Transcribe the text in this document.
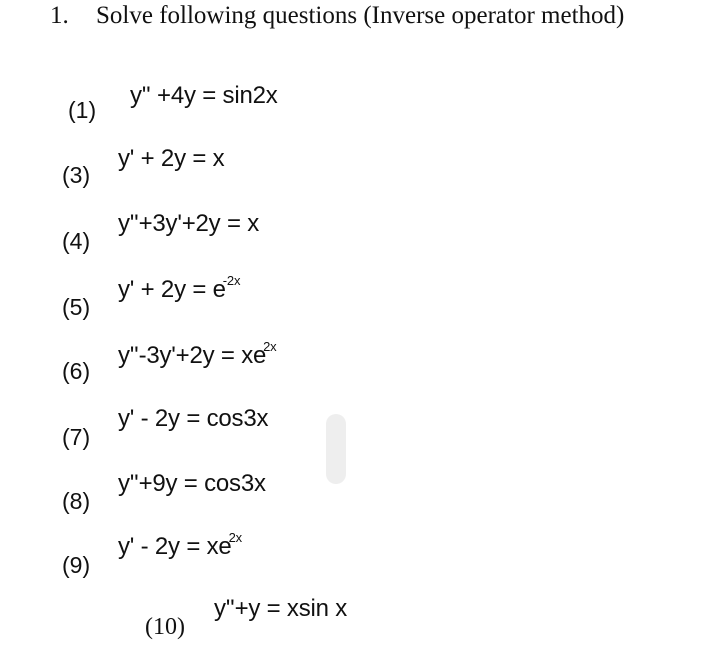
1. Solve following questions (Inverse operator method)
(1)
y'' +4y = sin2x
(3)
y' + 2y = x
(4)
y''+3y'+2y = x
(5)
$y' + 2y = e^{-2x}$
(6)
$y''-3y'+2y = xe^{2x}$
(7)
y' - 2y = cos3x
(8)
y''+9y = cos3x
(9)
$y' - 2y = xe^{2x}$
(10)
y''+y = xsin x
